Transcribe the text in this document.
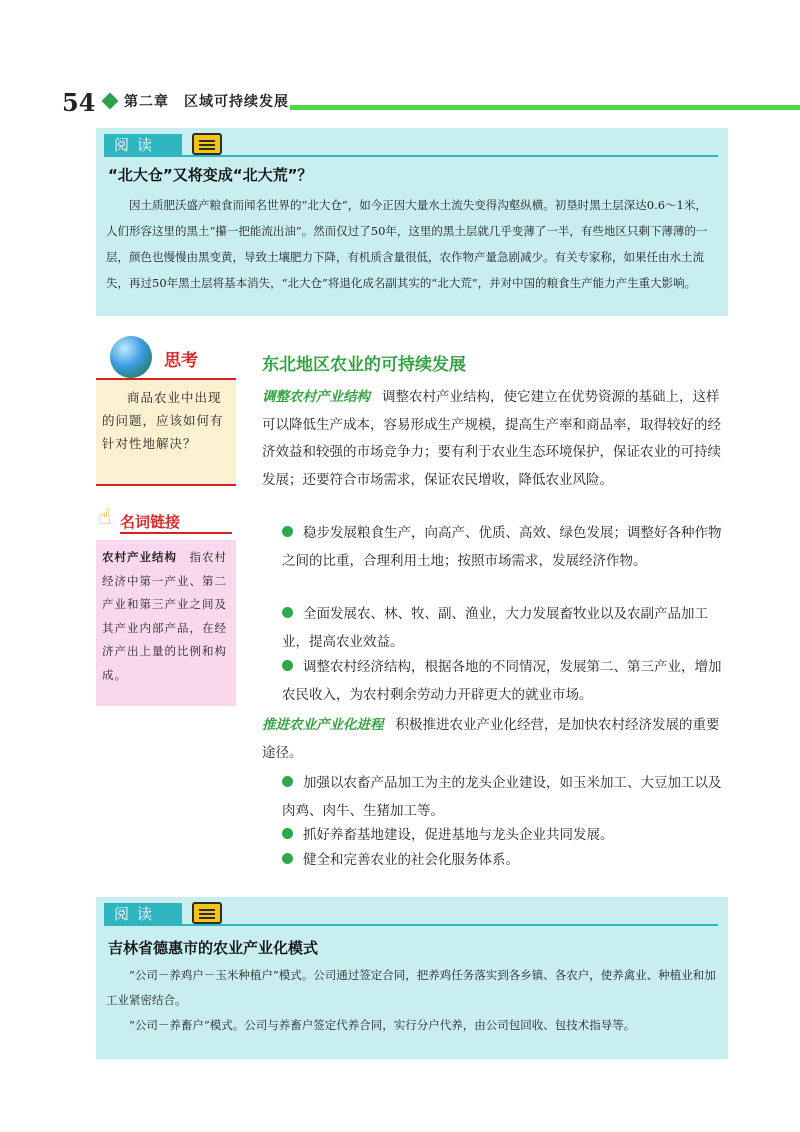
54 第二章　区域可持续发展
阅读
“北大仓”又将变成“北大荒”？

因土质肥沃盛产粮食而闻名世界的“北大仓”，如今正因大量水土流失变得沟壑纵横。初垦时黑土层深达0.6～1米，人们形容这里的黑土“攥一把能流出油”。然而仅过了50年，这里的黑土层就几乎变薄了一半，有些地区只剩下薄薄的一层，颜色也慢慢由黑变黄，导致土壤肥力下降，有机质含量很低，农作物产量急剧减少。有关专家称，如果任由水土流失，再过50年黑土层将基本消失，“北大仓”将退化成名副其实的“北大荒”，并对中国的粮食生产能力产生重大影响。

思考
商品农业中出现的问题，应该如何有针对性地解决？
☝ 名词链接
农村产业结构　 指农村经济中第一产业、第二产业和第三产业之间及其产业内部产品，在经济产出上量的比例和构成。
东北地区农业的可持续发展
调整农村产业结构 调整农村产业结构，使它建立在优势资源的基础上，这样可以降低生产成本，容易形成生产规模，提高生产率和商品率，取得较好的经济效益和较强的市场竞争力；要有利于农业生态环境保护，保证农业的可持续发展；还要符合市场需求，保证农民增收，降低农业风险。
稳步发展粮食生产，向高产、优质、高效、绿色发展；调整好各种作物之间的比重，合理利用土地；按照市场需求，发展经济作物。
全面发展农、林、牧、副、渔业，大力发展畜牧业以及农副产品加工业，提高农业效益。
调整农村经济结构，根据各地的不同情况，发展第二、第三产业，增加农民收入，为农村剩余劳动力开辟更大的就业市场。
推进农业产业化进程 积极推进农业产业化经营，是加快农村经济发展的重要途径。
加强以农畜产品加工为主的龙头企业建设，如玉米加工、大豆加工以及肉鸡、肉牛、生猪加工等。
抓好养畜基地建设，促进基地与龙头企业共同发展。
健全和完善农业的社会化服务体系。
阅读
吉林省德惠市的农业产业化模式

“公司－养鸡户－玉米种植户”模式。公司通过签定合同，把养鸡任务落实到各乡镇、各农户，使养禽业、种植业和加工业紧密结合。

“公司－养畜户”模式。公司与养畜户签定代养合同，实行分户代养，由公司包回收、包技术指导等。
